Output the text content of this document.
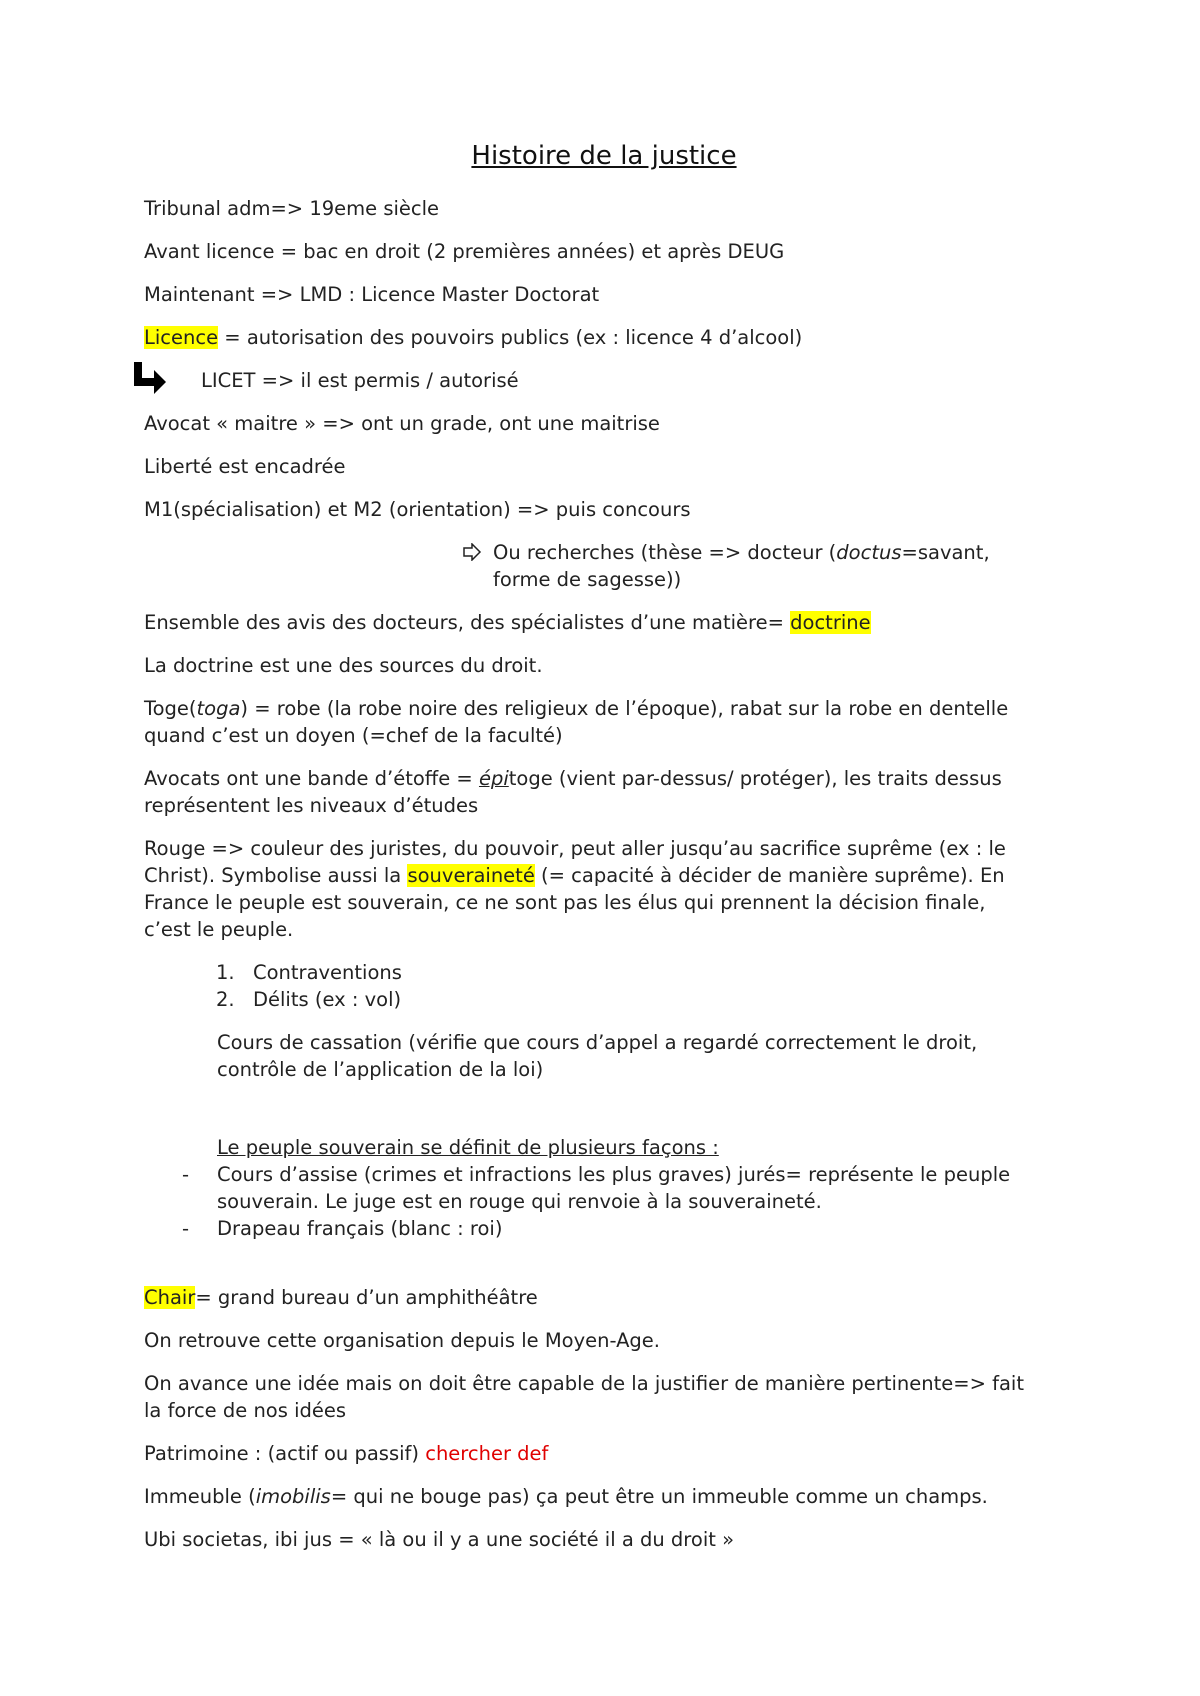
Histoire de la justice
Tribunal adm=> 19eme siècle
Avant licence = bac en droit (2 premières années) et après DEUG
Maintenant => LMD : Licence Master Doctorat
Licence = autorisation des pouvoirs publics (ex : licence 4 d’alcool)
LICET => il est permis / autorisé
Avocat « maitre » => ont un grade, ont une maitrise
Liberté est encadrée
M1(spécialisation) et M2 (orientation) => puis concours
Ou recherches (thèse => docteur (doctus=savant,
forme de sagesse))
Ensemble des avis des docteurs, des spécialistes d’une matière= doctrine
La doctrine est une des sources du droit.
Toge(toga) = robe (la robe noire des religieux de l’époque), rabat sur la robe en dentelle
quand c’est un doyen (=chef de la faculté)
Avocats ont une bande d’étoffe = épitoge (vient par-dessus/ protéger), les traits dessus
représentent les niveaux d’études
Rouge => couleur des juristes, du pouvoir, peut aller jusqu’au sacrifice suprême (ex : le
Christ). Symbolise aussi la souveraineté (= capacité à décider de manière suprême). En
France le peuple est souverain, ce ne sont pas les élus qui prennent la décision finale,
c’est le peuple.
1. Contraventions
2. Délits (ex : vol)
Cours de cassation (vérifie que cours d’appel a regardé correctement le droit,
contrôle de l’application de la loi)
Le peuple souverain se définit de plusieurs façons :
- Cours d’assise (crimes et infractions les plus graves) jurés= représente le peuple
souverain. Le juge est en rouge qui renvoie à la souveraineté.
- Drapeau français (blanc : roi)
Chair= grand bureau d’un amphithéâtre
On retrouve cette organisation depuis le Moyen-Age.
On avance une idée mais on doit être capable de la justifier de manière pertinente=> fait
la force de nos idées
Patrimoine : (actif ou passif) chercher def
Immeuble (imobilis= qui ne bouge pas) ça peut être un immeuble comme un champs.
Ubi societas, ibi jus = « là ou il y a une société il a du droit »
